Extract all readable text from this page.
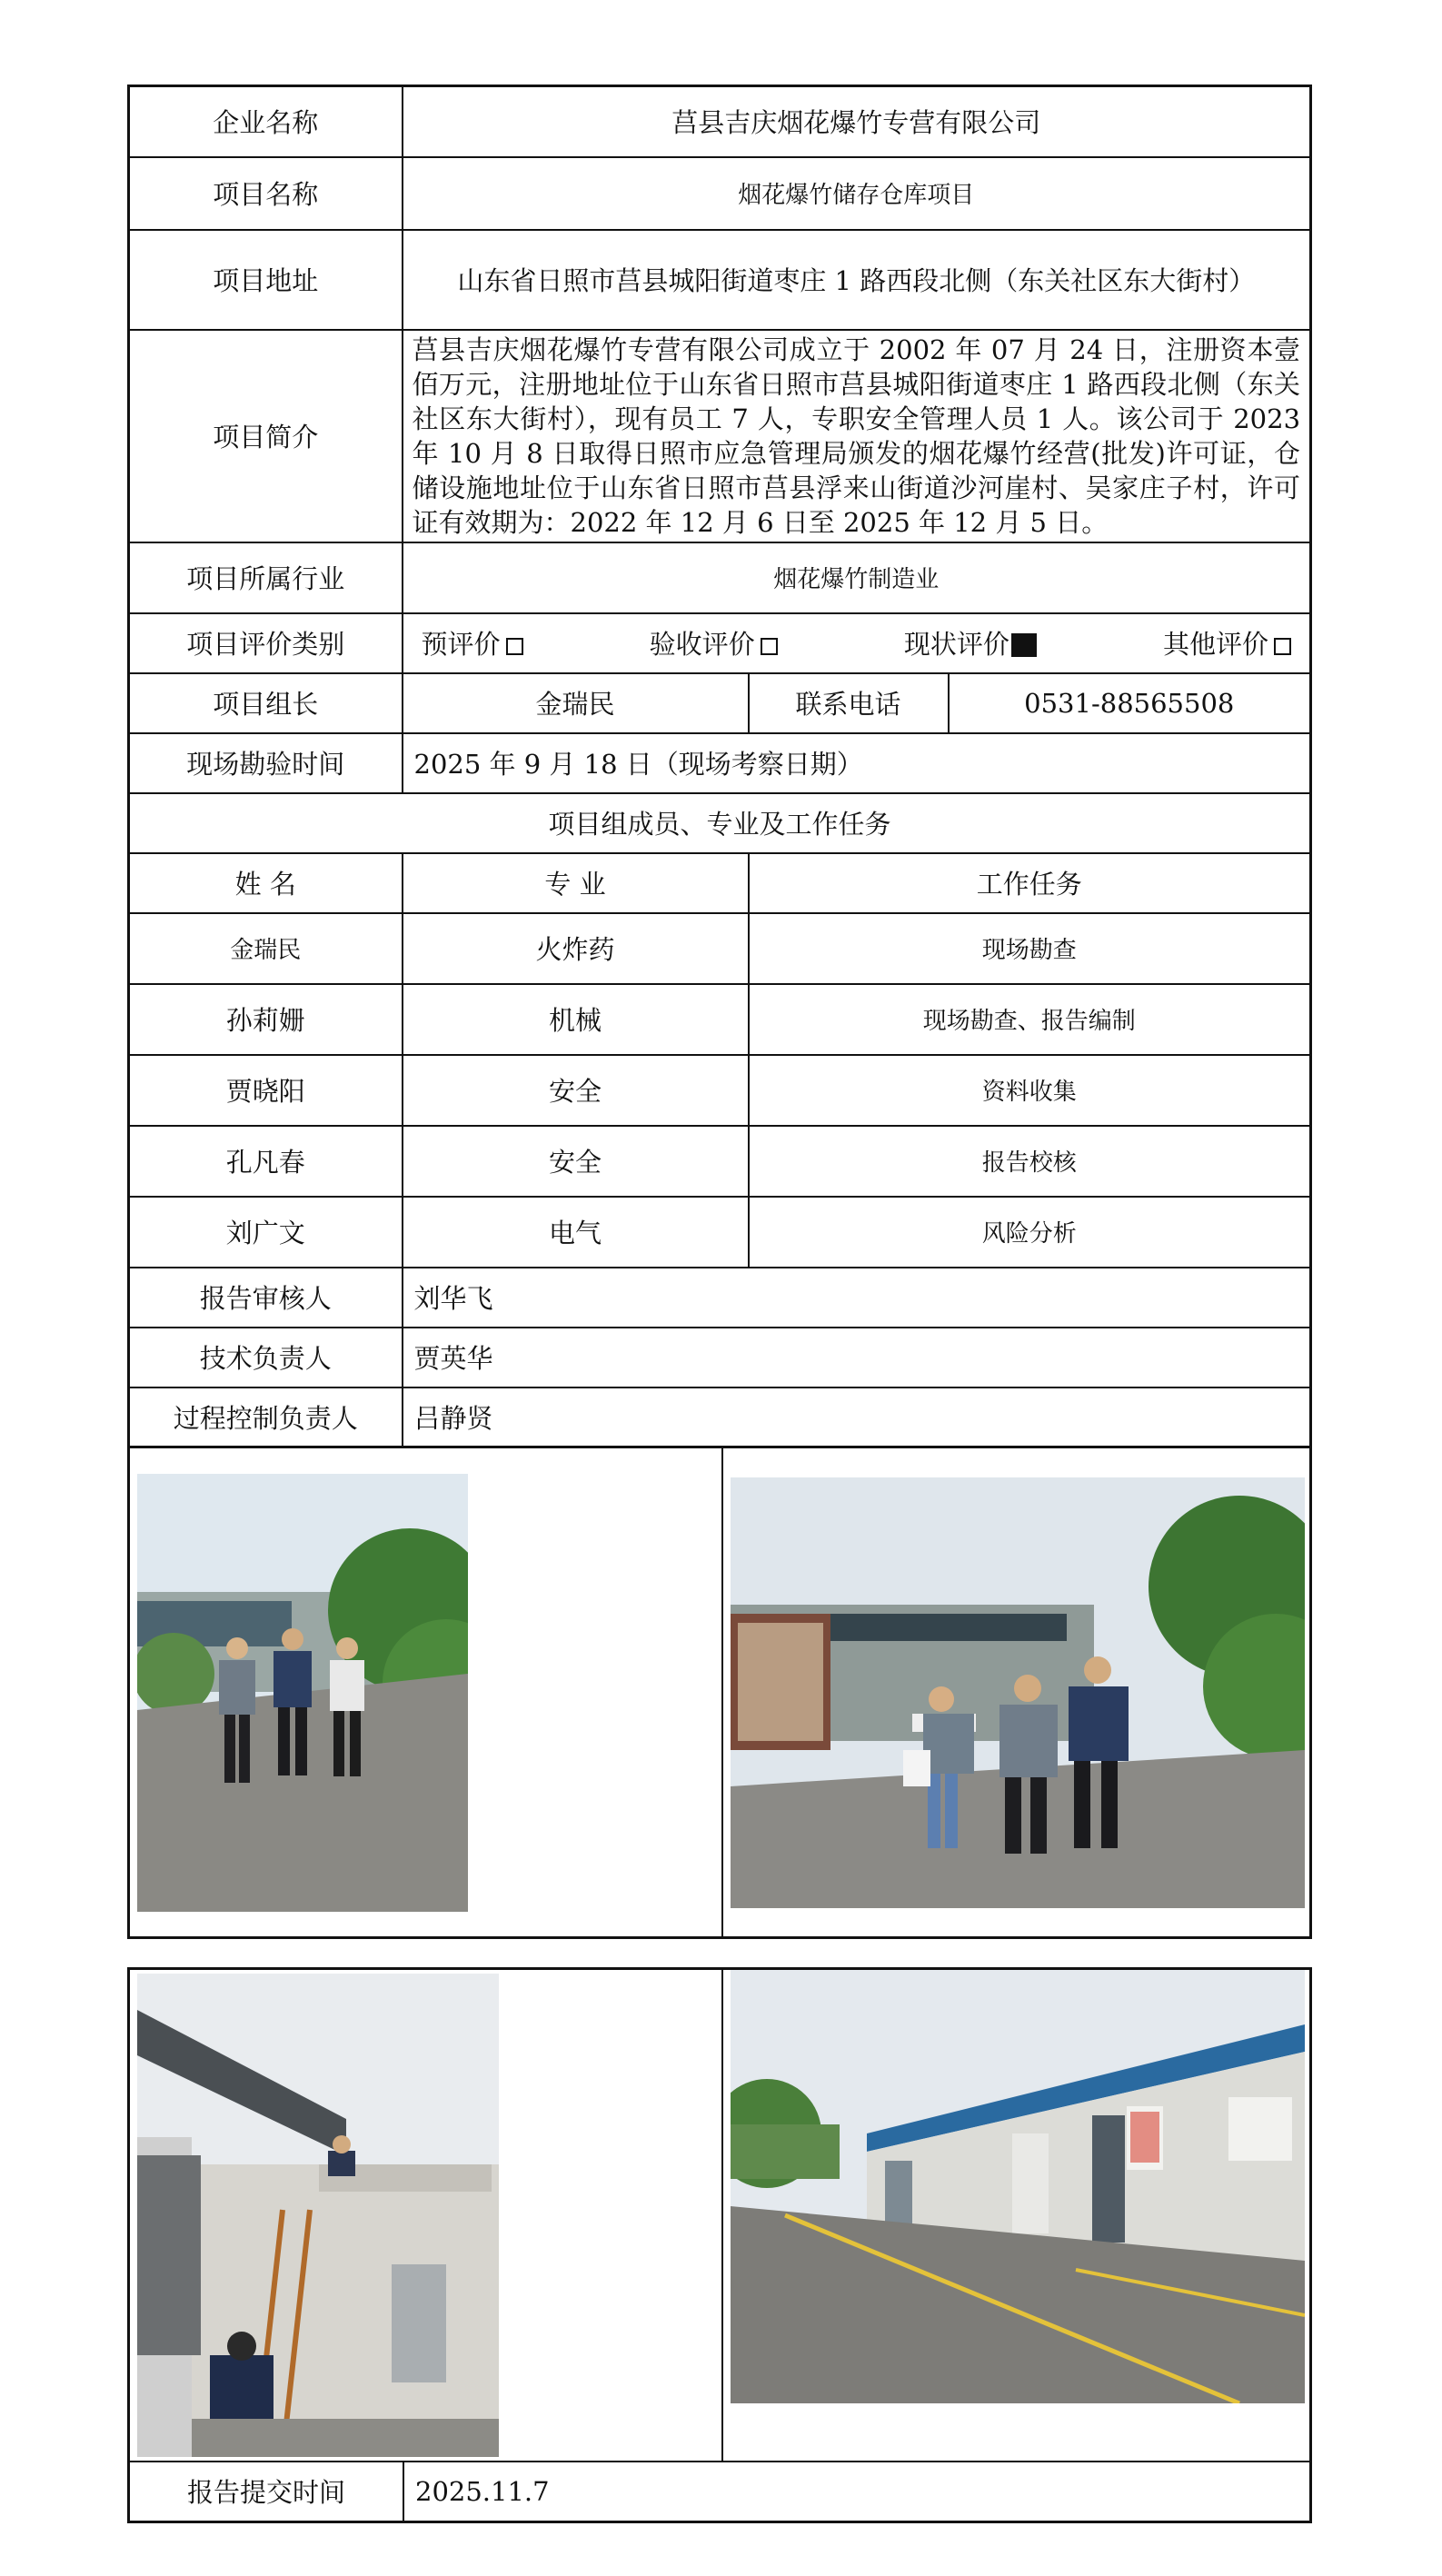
企业名称	莒县吉庆烟花爆竹专营有限公司		
项目名称	烟花爆竹储存仓库项目		
项目地址	山东省日照市莒县城阳街道枣庄 1 路西段北侧（东关社区东大街村）		
项目简介	莒县吉庆烟花爆竹专营有限公司成立于 2002 年 07 月 24 日，注册资本壹佰万元，注册地址位于山东省日照市莒县城阳街道枣庄 1 路西段北侧（东关社区东大街村），现有员工 7 人，专职安全管理人员 1 人。该公司于 2023 年 10 月 8 日取得日照市应急管理局颁发的烟花爆竹经营(批发)许可证，仓储设施地址位于山东省日照市莒县浮来山街道沙河崖村、吴家庄子村，许可证有效期为：2022 年 12 月 6 日至 2025 年 12 月 5 日。		
项目所属行业	烟花爆竹制造业		
项目评价类别	预评价 验收评价 现状评价 其他评价		

项目组长	金瑞民	联系电话	0531-88565508
现场勘验时间	2025 年 9 月 18 日（现场考察日期）		
项目组成员、专业及工作任务			
姓 名	专 业	工作任务	
金瑞民	火炸药	现场勘查	
孙莉姗	机械	现场勘查、报告编制	
贾晓阳	安全	资料收集	
孔凡春	安全	报告校核	
刘广文	电气	风险分析	
报告审核人	刘华飞		
技术负责人	贾英华		
过程控制负责人	吕静贤		

报告提交时间	2025.11.7
